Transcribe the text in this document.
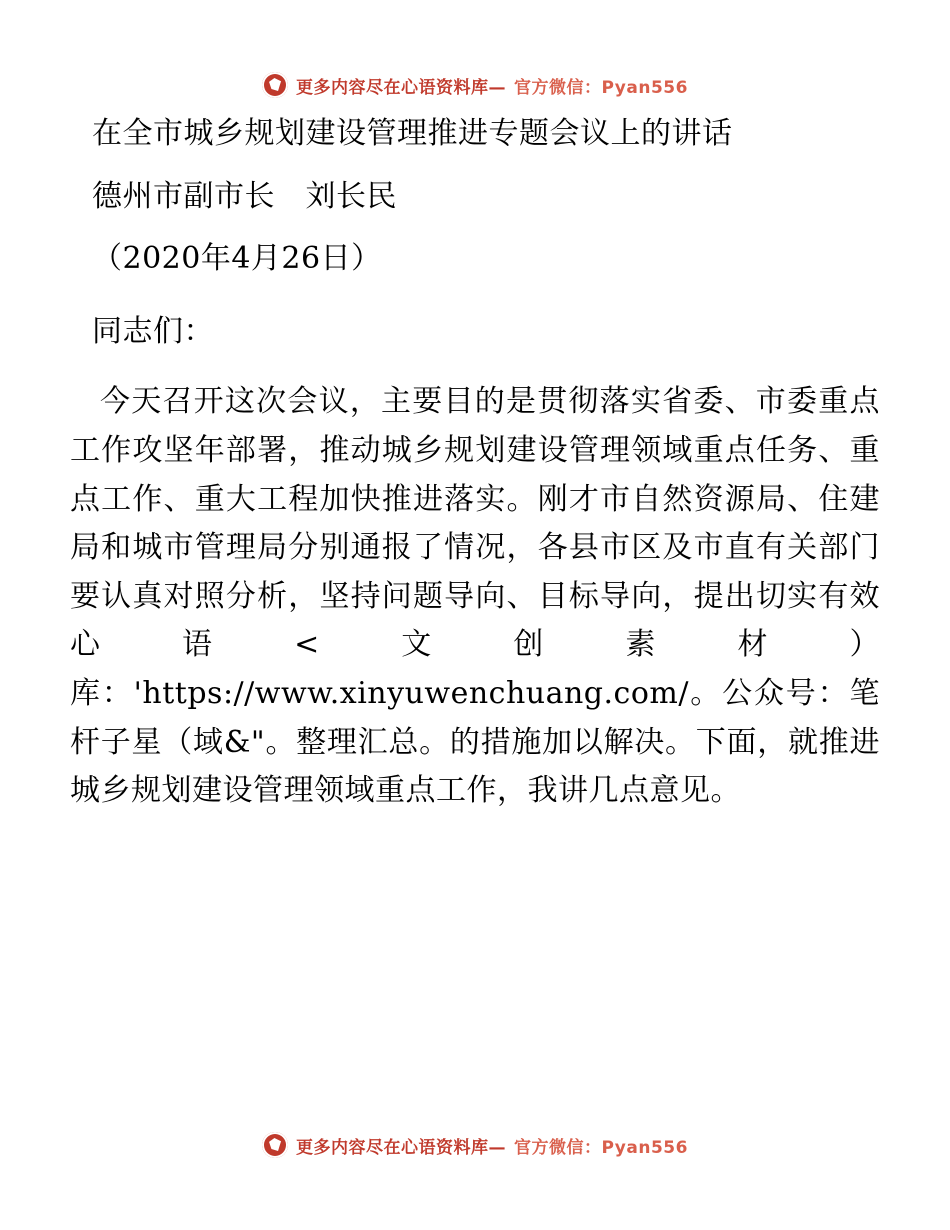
更多内容尽在心语资料库— 官方微信：Pyan556

在全市城乡规划建设管理推进专题会议上的讲话

德州市副市长　刘长民

（2020年4月26日）

同志们：

今天召开这次会议，主要目的是贯彻落实省委、市委重点工作攻坚年部署，推动城乡规划建设管理领域重点任务、重点工作、重大工程加快推进落实。刚才市自然资源局、住建局和城市管理局分别通报了情况，各县市区及市直有关部门要认真对照分析，坚持问题导向、目标导向，提出切实有效心语<文创素材）库：'https://www.xinyuwenchuang.com/。公众号：笔杆子星（域&"。整理汇总。的措施加以解决。下面，就推进城乡规划建设管理领域重点工作，我讲几点意见。

更多内容尽在心语资料库— 官方微信：Pyan556
